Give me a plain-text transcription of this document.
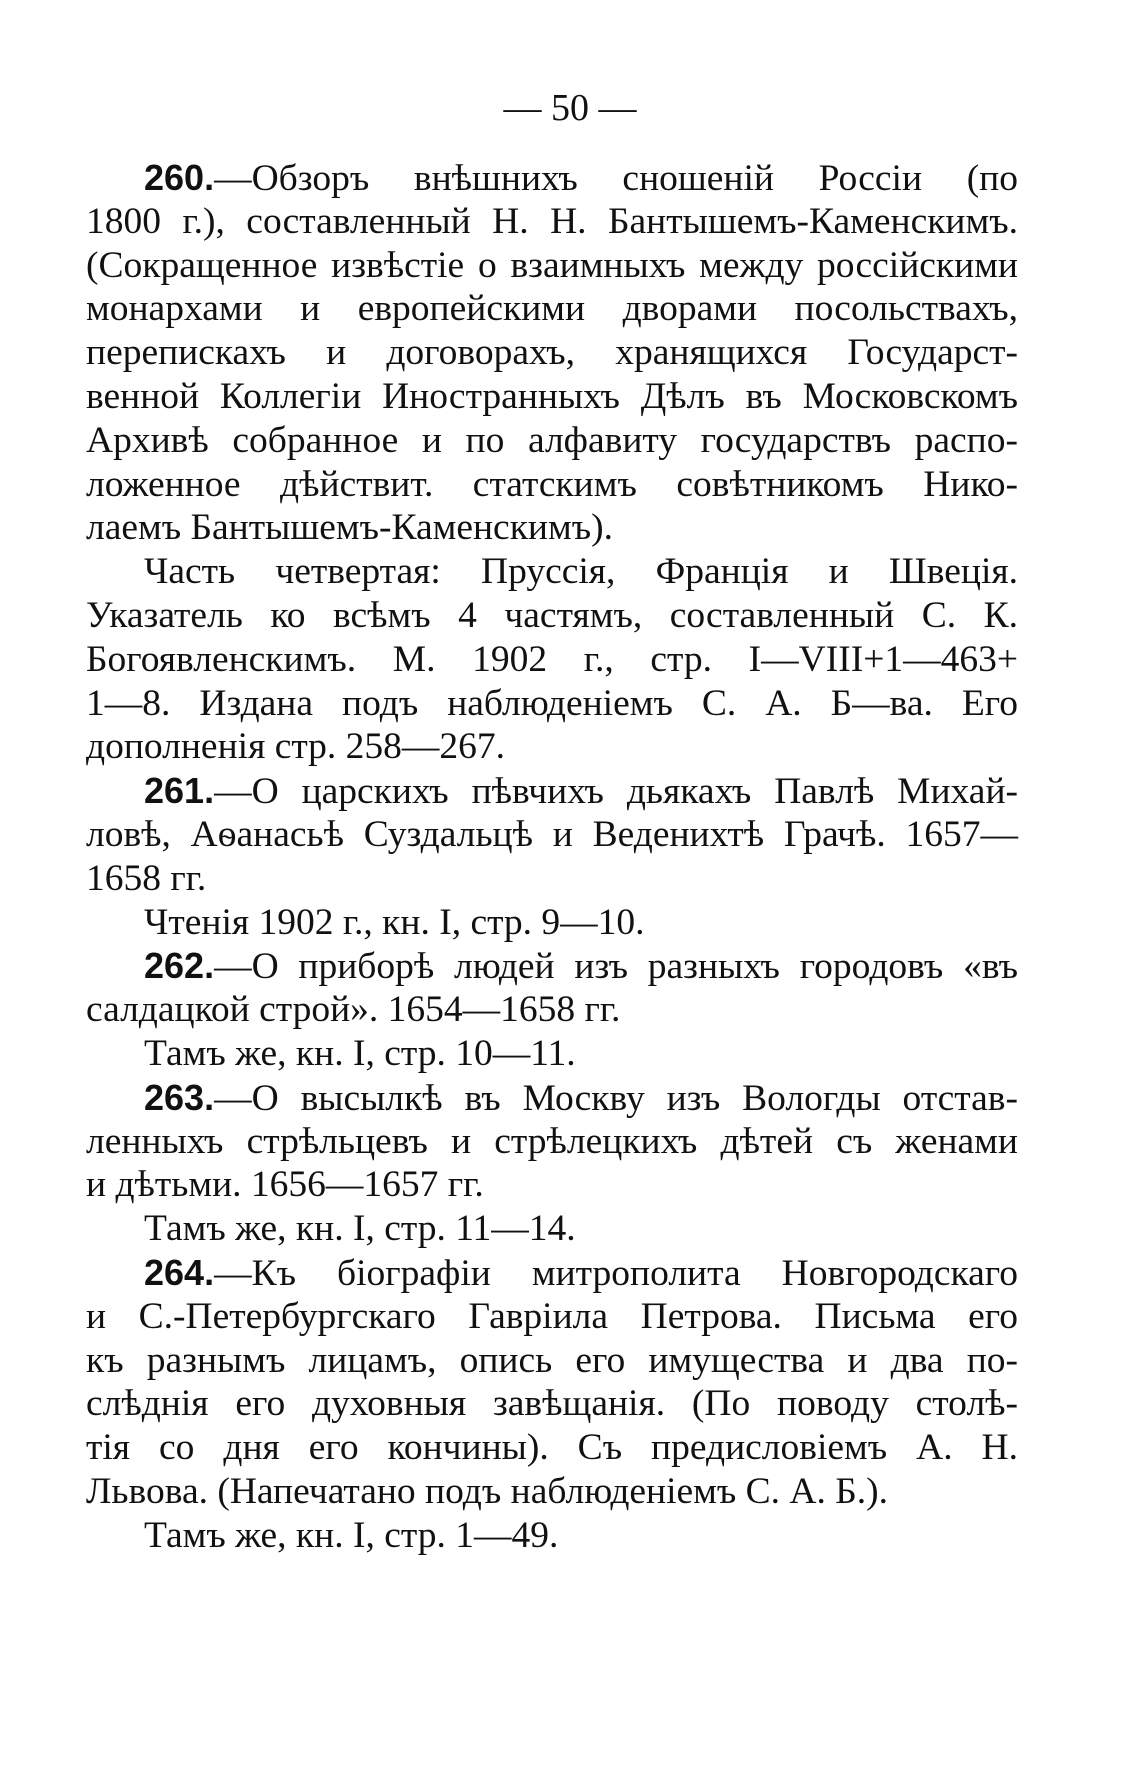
— 50 —
260.—Обзоръ внѣшнихъ сношеній Россіи (по
1800 г.), составленный Н. Н. Бантышемъ-Каменскимъ.
(Сокращенное извѣстіе о взаимныхъ между россійскими
монархами и европейскими дворами посольствахъ,
перепискахъ и договорахъ, хранящихся Государст-
венной Коллегіи Иностранныхъ Дѣлъ въ Московскомъ
Архивѣ собранное и по алфавиту государствъ распо-
ложенное дѣйствит. статскимъ совѣтникомъ Нико-
лаемъ Бантышемъ-Каменскимъ).
Часть четвертая: Пруссія, Франція и Швеція.
Указатель ко всѣмъ 4 частямъ, составленный С. К.
Богоявленскимъ. М. 1902 г., стр. I—VIII+1—463+
1—8. Издана подъ наблюденіемъ С. А. Б—ва. Его
дополненія стр. 258—267.
261.—О царскихъ пѣвчихъ дьякахъ Павлѣ Михай-
ловѣ, Аѳанасьѣ Суздальцѣ и Веденихтѣ Грачѣ. 1657—
1658 гг.
Чтенія 1902 г., кн. I, стр. 9—10.
262.—О приборѣ людей изъ разныхъ городовъ «въ
салдацкой строй». 1654—1658 гг.
Тамъ же, кн. I, стр. 10—11.
263.—О высылкѣ въ Москву изъ Вологды отстав-
ленныхъ стрѣльцевъ и стрѣлецкихъ дѣтей съ женами
и дѣтьми. 1656—1657 гг.
Тамъ же, кн. I, стр. 11—14.
264.—Къ біографіи митрополита Новгородскаго
и С.-Петербургскаго Гавріила Петрова. Письма его
къ разнымъ лицамъ, опись его имущества и два по-
слѣднія его духовныя завѣщанія. (По поводу столѣ-
тія со дня его кончины). Съ предисловіемъ А. Н.
Львова. (Напечатано подъ наблюденіемъ С. А. Б.).
Тамъ же, кн. I, стр. 1—49.
